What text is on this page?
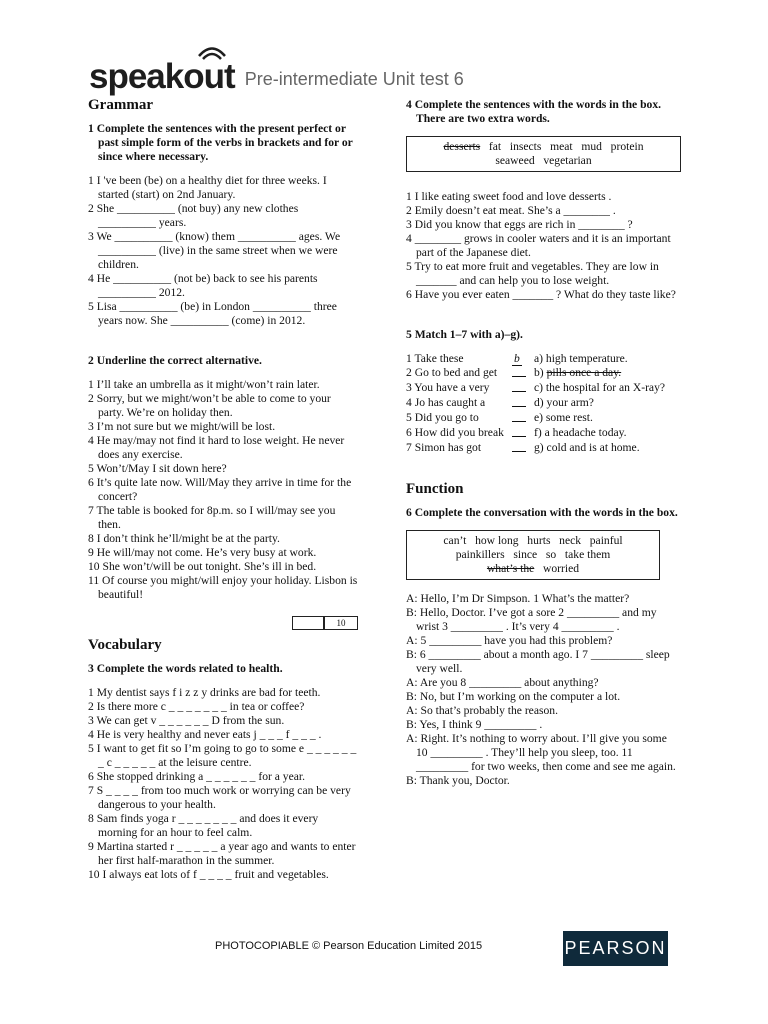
speakout Pre-intermediate Unit test 6
Grammar
1 Complete the sentences with the present perfect or past simple form of the verbs in brackets and for or since where necessary.
1 I 've been (be) on a healthy diet for three weeks. I started (start) on 2nd January.
2 She __________ (not buy) any new clothes __________ years.
3 We __________ (know) them __________ ages. We __________ (live) in the same street when we were children.
4 He __________ (not be) back to see his parents __________ 2012.
5 Lisa __________ (be) in London __________ three years now. She __________ (come) in 2012.
2 Underline the correct alternative.
1 I’ll take an umbrella as it might/won’t rain later.
2 Sorry, but we might/won’t be able to come to your party. We’re on holiday then.
3 I’m not sure but we might/will be lost.
4 He may/may not find it hard to lose weight. He never does any exercise.
5 Won’t/May I sit down here?
6 It’s quite late now. Will/May they arrive in time for the concert?
7 The table is booked for 8p.m. so I will/may see you then.
8 I don’t think he’ll/might be at the party.
9 He will/may not come. He’s very busy at work.
10 She won’t/will be out tonight. She’s ill in bed.
11 Of course you might/will enjoy your holiday. Lisbon is beautiful!
10
Vocabulary
3 Complete the words related to health.
1 My dentist says f i z z y drinks are bad for teeth.
2 Is there more c _ _ _ _ _ _ _ in tea or coffee?
3 We can get v _ _ _ _ _ _ D from the sun.
4 He is very healthy and never eats j _ _ _ f _ _ _ .
5 I want to get fit so I’m going to go to some e _ _ _ _ _ _ _ c _ _ _ _ _ at the leisure centre.
6 She stopped drinking a _ _ _ _ _ _ for a year.
7 S _ _ _ _ from too much work or worrying can be very dangerous to your health.
8 Sam finds yoga r _ _ _ _ _ _ _ and does it every morning for an hour to feel calm.
9 Martina started r _ _ _ _ _ a year ago and wants to enter her first half-marathon in the summer.
10 I always eat lots of f _ _ _ _ fruit and vegetables.
4 Complete the sentences with the words in the box. There are two extra words.
desserts fat insects meat mud protein
seaweed vegetarian
1 I like eating sweet food and love desserts .
2 Emily doesn’t eat meat. She’s a ________ .
3 Did you know that eggs are rich in ________ ?
4 ________ grows in cooler waters and it is an important part of the Japanese diet.
5 Try to eat more fruit and vegetables. They are low in _______ and can help you to lose weight.
6 Have you ever eaten _______ ? What do they taste like?
5 Match 1–7 with a)–g).
1 Take these	b	a) high temperature.
2 Go to bed and get	b) pills once a day.
3 You have a very	c) the hospital for an X-ray?
4 Jo has caught a	d) your arm?
5 Did you go to	e) some rest.
6 How did you break	f) a headache today.
7 Simon has got	g) cold and is at home.
Function
6 Complete the conversation with the words in the box.
can’t how long hurts neck painful
painkillers since so take them
what’s the worried
A: Hello, I’m Dr Simpson. 1 What’s the matter?
B: Hello, Doctor. I’ve got a sore 2 _________ and my wrist 3 _________ . It’s very 4 _________ .
A: 5 _________ have you had this problem?
B: 6 _________ about a month ago. I 7 _________ sleep very well.
A: Are you 8 _________ about anything?
B: No, but I’m working on the computer a lot.
A: So that’s probably the reason.
B: Yes, I think 9 _________ .
A: Right. It’s nothing to worry about. I’ll give you some 10 _________ . They’ll help you sleep, too. 11 _________ for two weeks, then come and see me again.
B: Thank you, Doctor.
PHOTOCOPIABLE © Pearson Education Limited 2015	PEARSON
